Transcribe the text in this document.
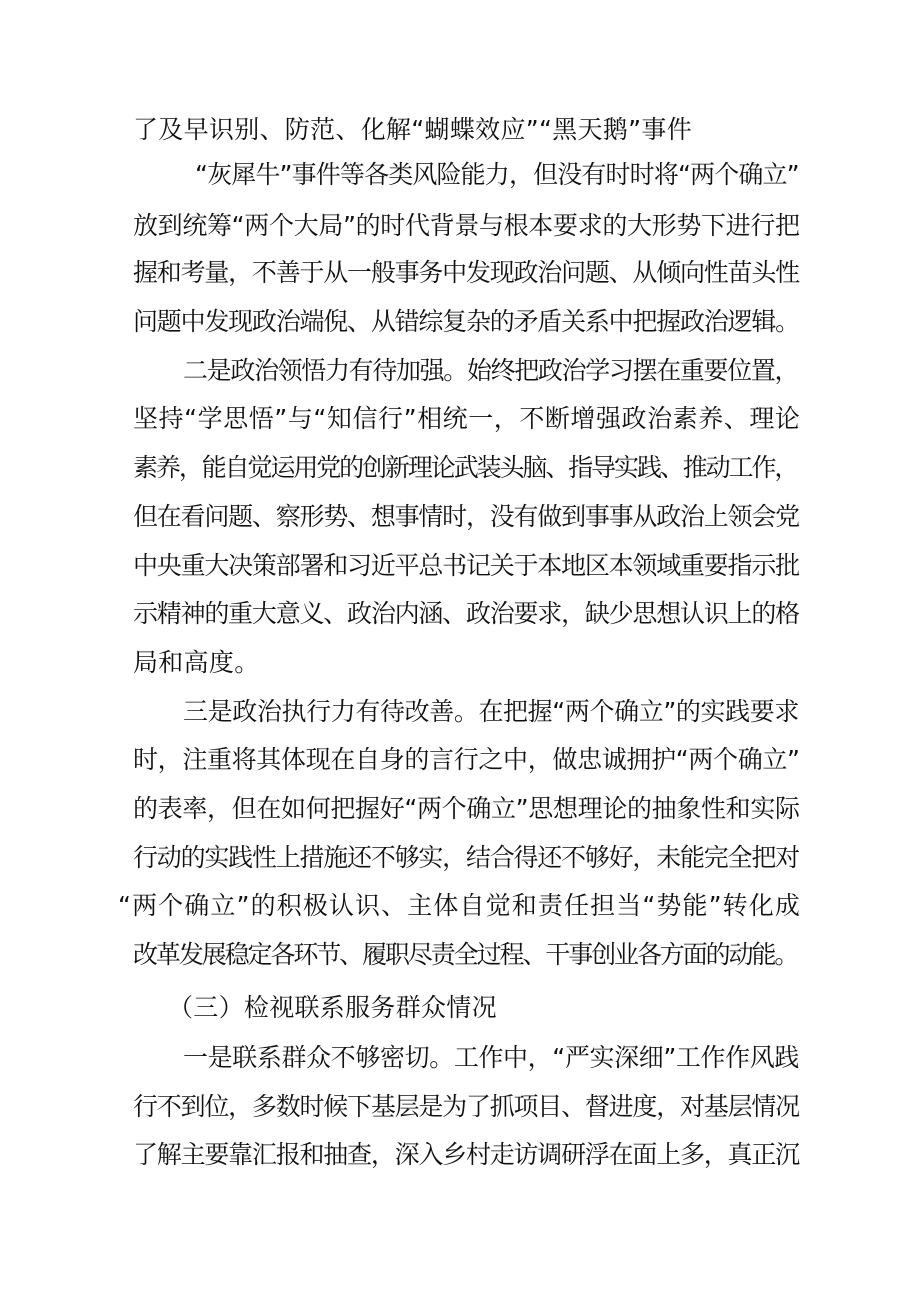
了及早识别、防范、化解“蝴蝶效应”“黑天鹅”事件
“灰犀牛”事件等各类风险能力，但没有时时将“两个确立”
放到统筹“两个大局”的时代背景与根本要求的大形势下进行把
握和考量，不善于从一般事务中发现政治问题、从倾向性苗头性
问题中发现政治端倪、从错综复杂的矛盾关系中把握政治逻辑。
二是政治领悟力有待加强。始终把政治学习摆在重要位置，
坚持“学思悟”与“知信行”相统一，不断增强政治素养、理论
素养，能自觉运用党的创新理论武装头脑、指导实践、推动工作，
但在看问题、察形势、想事情时，没有做到事事从政治上领会党
中央重大决策部署和习近平总书记关于本地区本领域重要指示批
示精神的重大意义、政治内涵、政治要求，缺少思想认识上的格
局和高度。
三是政治执行力有待改善。在把握“两个确立”的实践要求
时，注重将其体现在自身的言行之中，做忠诚拥护“两个确立”
的表率，但在如何把握好“两个确立”思想理论的抽象性和实际
行动的实践性上措施还不够实，结合得还不够好，未能完全把对
“两个确立”的积极认识、主体自觉和责任担当“势能”转化成
改革发展稳定各环节、履职尽责全过程、干事创业各方面的动能。
（三）检视联系服务群众情况
一是联系群众不够密切。工作中，“严实深细”工作作风践
行不到位，多数时候下基层是为了抓项目、督进度，对基层情况
了解主要靠汇报和抽查，深入乡村走访调研浮在面上多，真正沉
